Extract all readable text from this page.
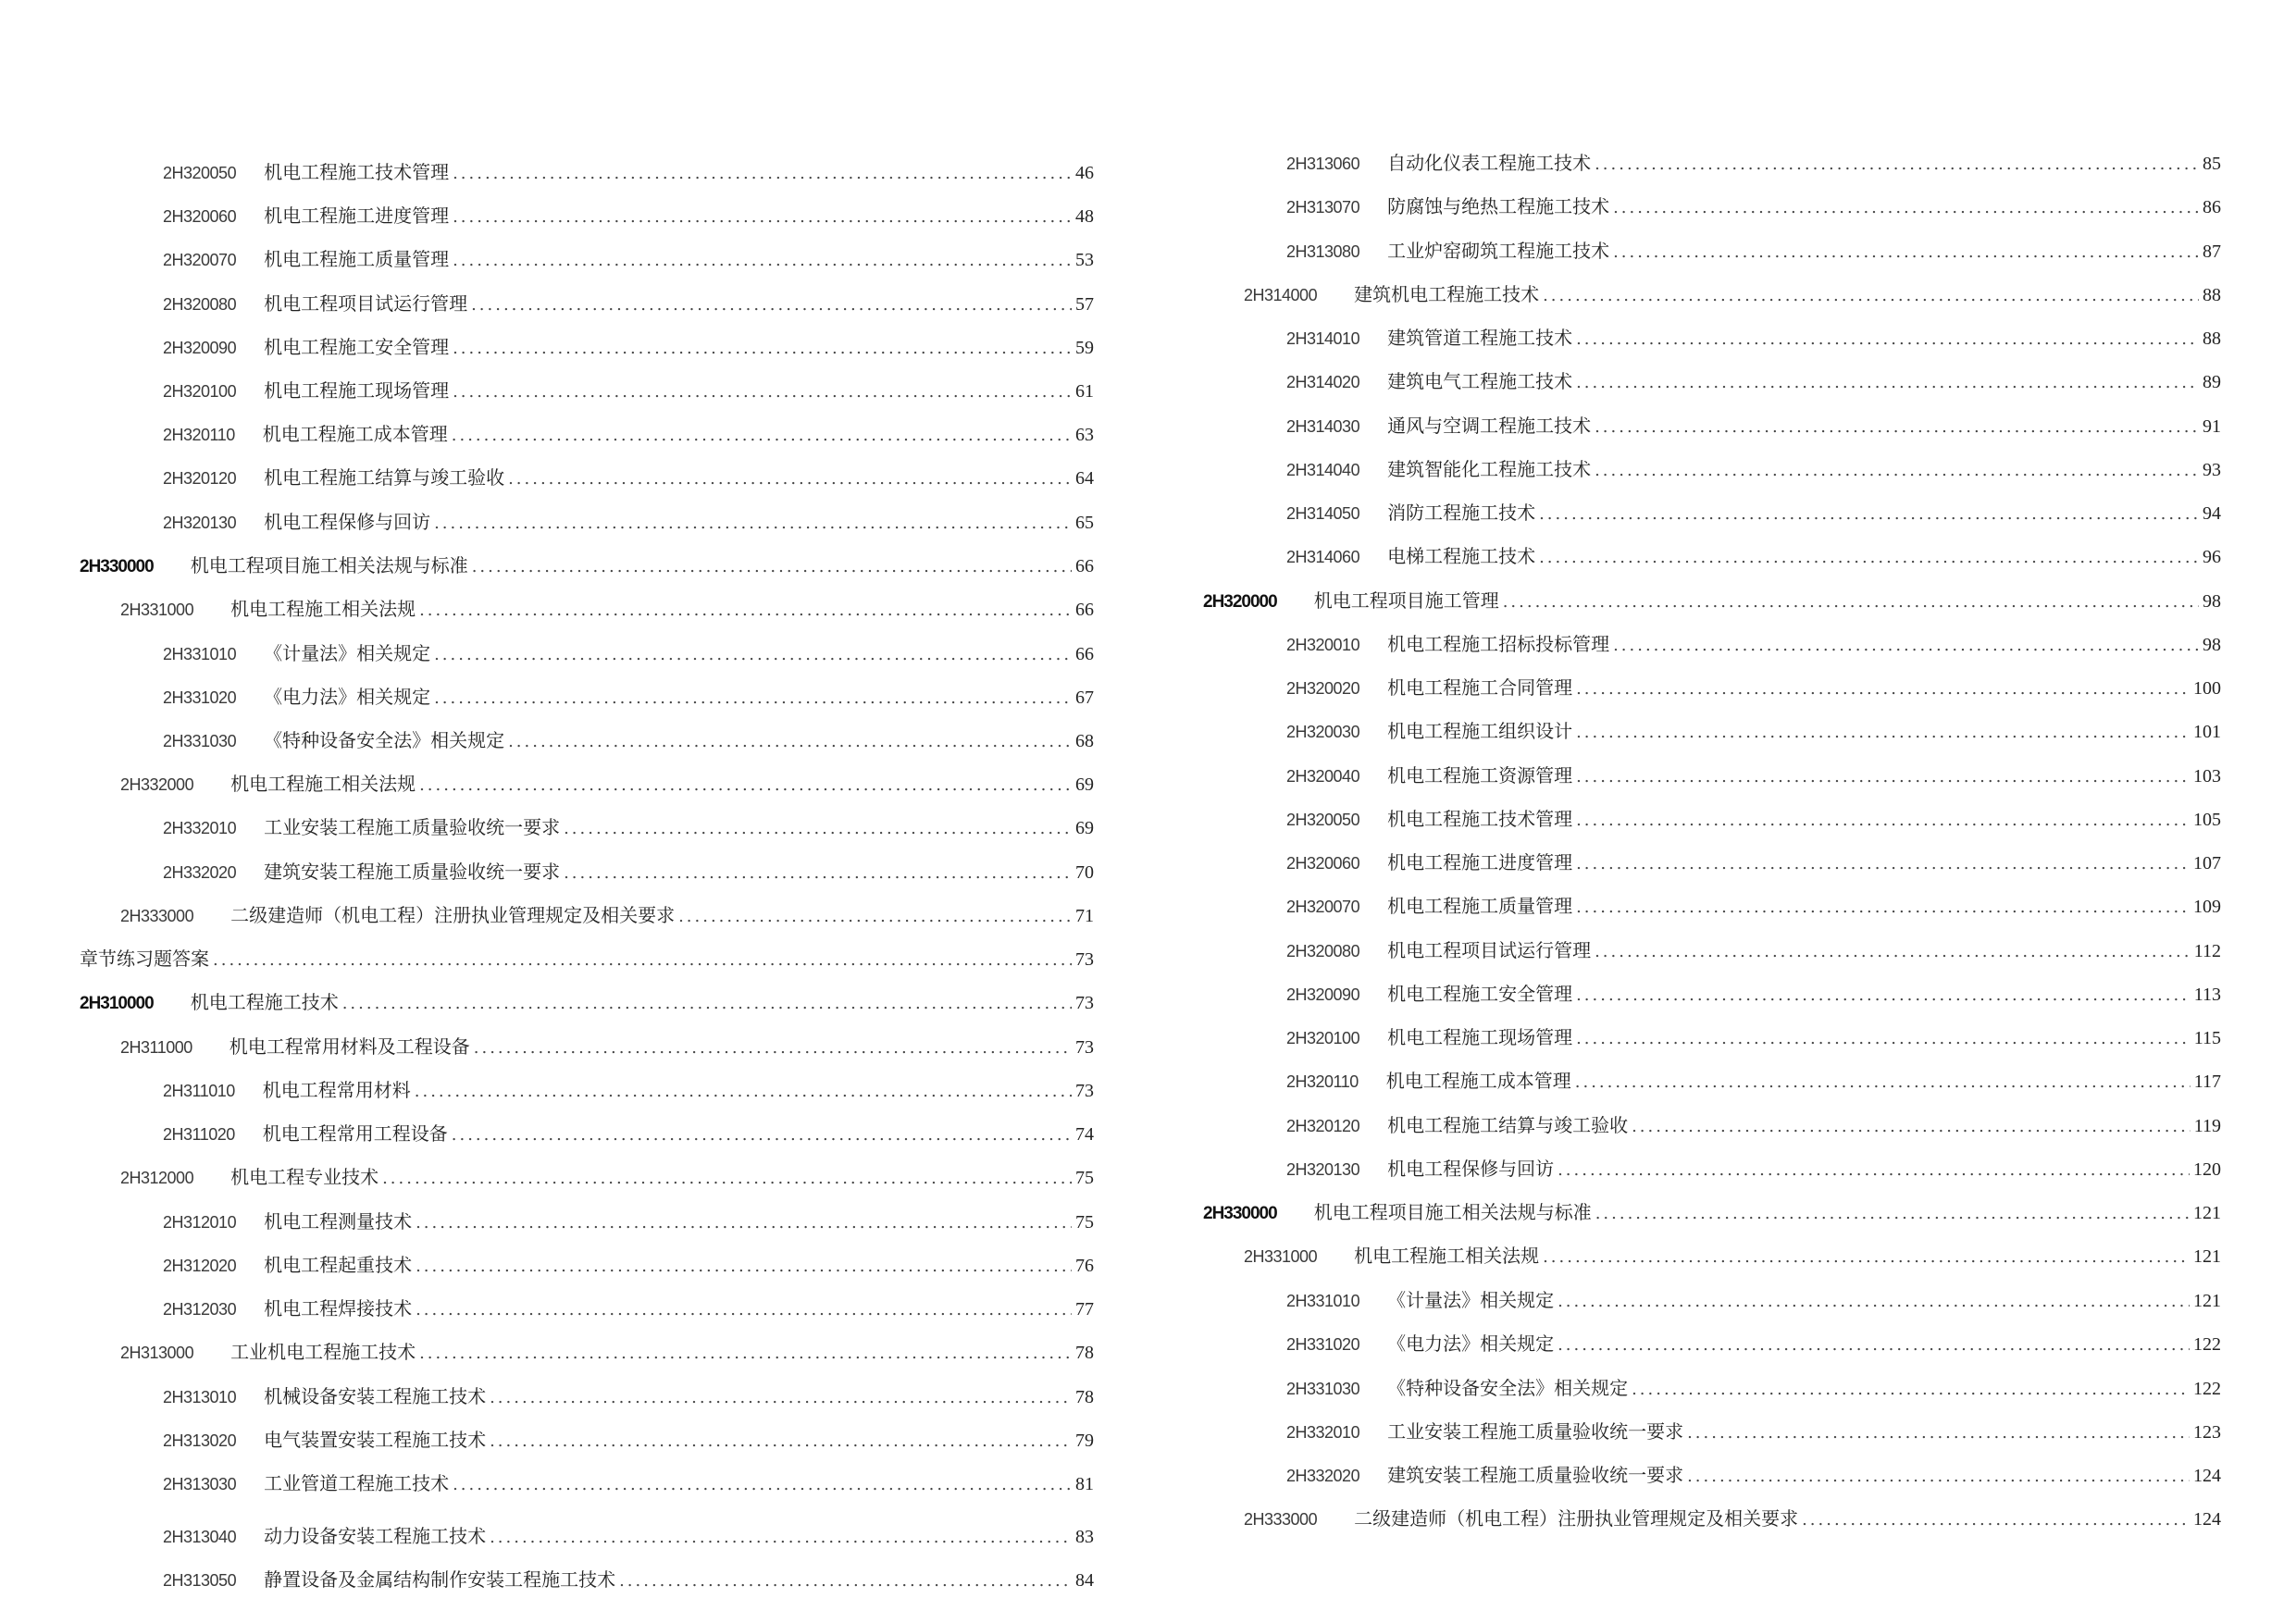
2H320050 机电工程施工技术管理 .....	46
2H320060 机电工程施工进度管理 .....	48
2H320070 机电工程施工质量管理 .....	53
2H320080 机电工程项目试运行管理 .....	57
2H320090 机电工程施工安全管理 .....	59
2H320100 机电工程施工现场管理 .....	61
2H320110 机电工程施工成本管理 .....	63
2H320120 机电工程施工结算与竣工验收 .....	64
2H320130 机电工程保修与回访 .....	65
2H330000 机电工程项目施工相关法规与标准 .....	66
2H331000 机电工程施工相关法规 .....	66
2H331010 《计量法》相关规定 .....	66
2H331020 《电力法》相关规定 .....	67
2H331030 《特种设备安全法》相关规定 .....	68
2H332000 机电工程施工相关法规 .....	69
2H332010 工业安装工程施工质量验收统一要求 .....	69
2H332020 建筑安装工程施工质量验收统一要求 .....	70
2H333000 二级建造师（机电工程）注册执业管理规定及相关要求 .....	71
章节练习题答案 .....	73
2H310000 机电工程施工技术 .....	73
2H311000 机电工程常用材料及工程设备 .....	73
2H311010 机电工程常用材料 .....	73
2H311020 机电工程常用工程设备 .....	74
2H312000 机电工程专业技术 .....	75
2H312010 机电工程测量技术 .....	75
2H312020 机电工程起重技术 .....	76
2H312030 机电工程焊接技术 .....	77
2H313000 工业机电工程施工技术 .....	78
2H313010 机械设备安装工程施工技术 .....	78
2H313020 电气装置安装工程施工技术 .....	79
2H313030 工业管道工程施工技术 .....	81
2H313040 动力设备安装工程施工技术 .....	83
2H313050 静置设备及金属结构制作安装工程施工技术 .....	84
2H313060 自动化仪表工程施工技术 .....	85
2H313070 防腐蚀与绝热工程施工技术 .....	86
2H313080 工业炉窑砌筑工程施工技术 .....	87
2H314000 建筑机电工程施工技术 .....	88
2H314010 建筑管道工程施工技术 .....	88
2H314020 建筑电气工程施工技术 .....	89
2H314030 通风与空调工程施工技术 .....	91
2H314040 建筑智能化工程施工技术 .....	93
2H314050 消防工程施工技术 .....	94
2H314060 电梯工程施工技术 .....	96
2H320000 机电工程项目施工管理 .....	98
2H320010 机电工程施工招标投标管理 .....	98
2H320020 机电工程施工合同管理 .....	100
2H320030 机电工程施工组织设计 .....	101
2H320040 机电工程施工资源管理 .....	103
2H320050 机电工程施工技术管理 .....	105
2H320060 机电工程施工进度管理 .....	107
2H320070 机电工程施工质量管理 .....	109
2H320080 机电工程项目试运行管理 .....	112
2H320090 机电工程施工安全管理 .....	113
2H320100 机电工程施工现场管理 .....	115
2H320110 机电工程施工成本管理 .....	117
2H320120 机电工程施工结算与竣工验收 .....	119
2H320130 机电工程保修与回访 .....	120
2H330000 机电工程项目施工相关法规与标准 .....	121
2H331000 机电工程施工相关法规 .....	121
2H331010 《计量法》相关规定 .....	121
2H331020 《电力法》相关规定 .....	122
2H331030 《特种设备安全法》相关规定 .....	122
2H332010 工业安装工程施工质量验收统一要求 .....	123
2H332020 建筑安装工程施工质量验收统一要求 .....	124
2H333000 二级建造师（机电工程）注册执业管理规定及相关要求 .....	124
